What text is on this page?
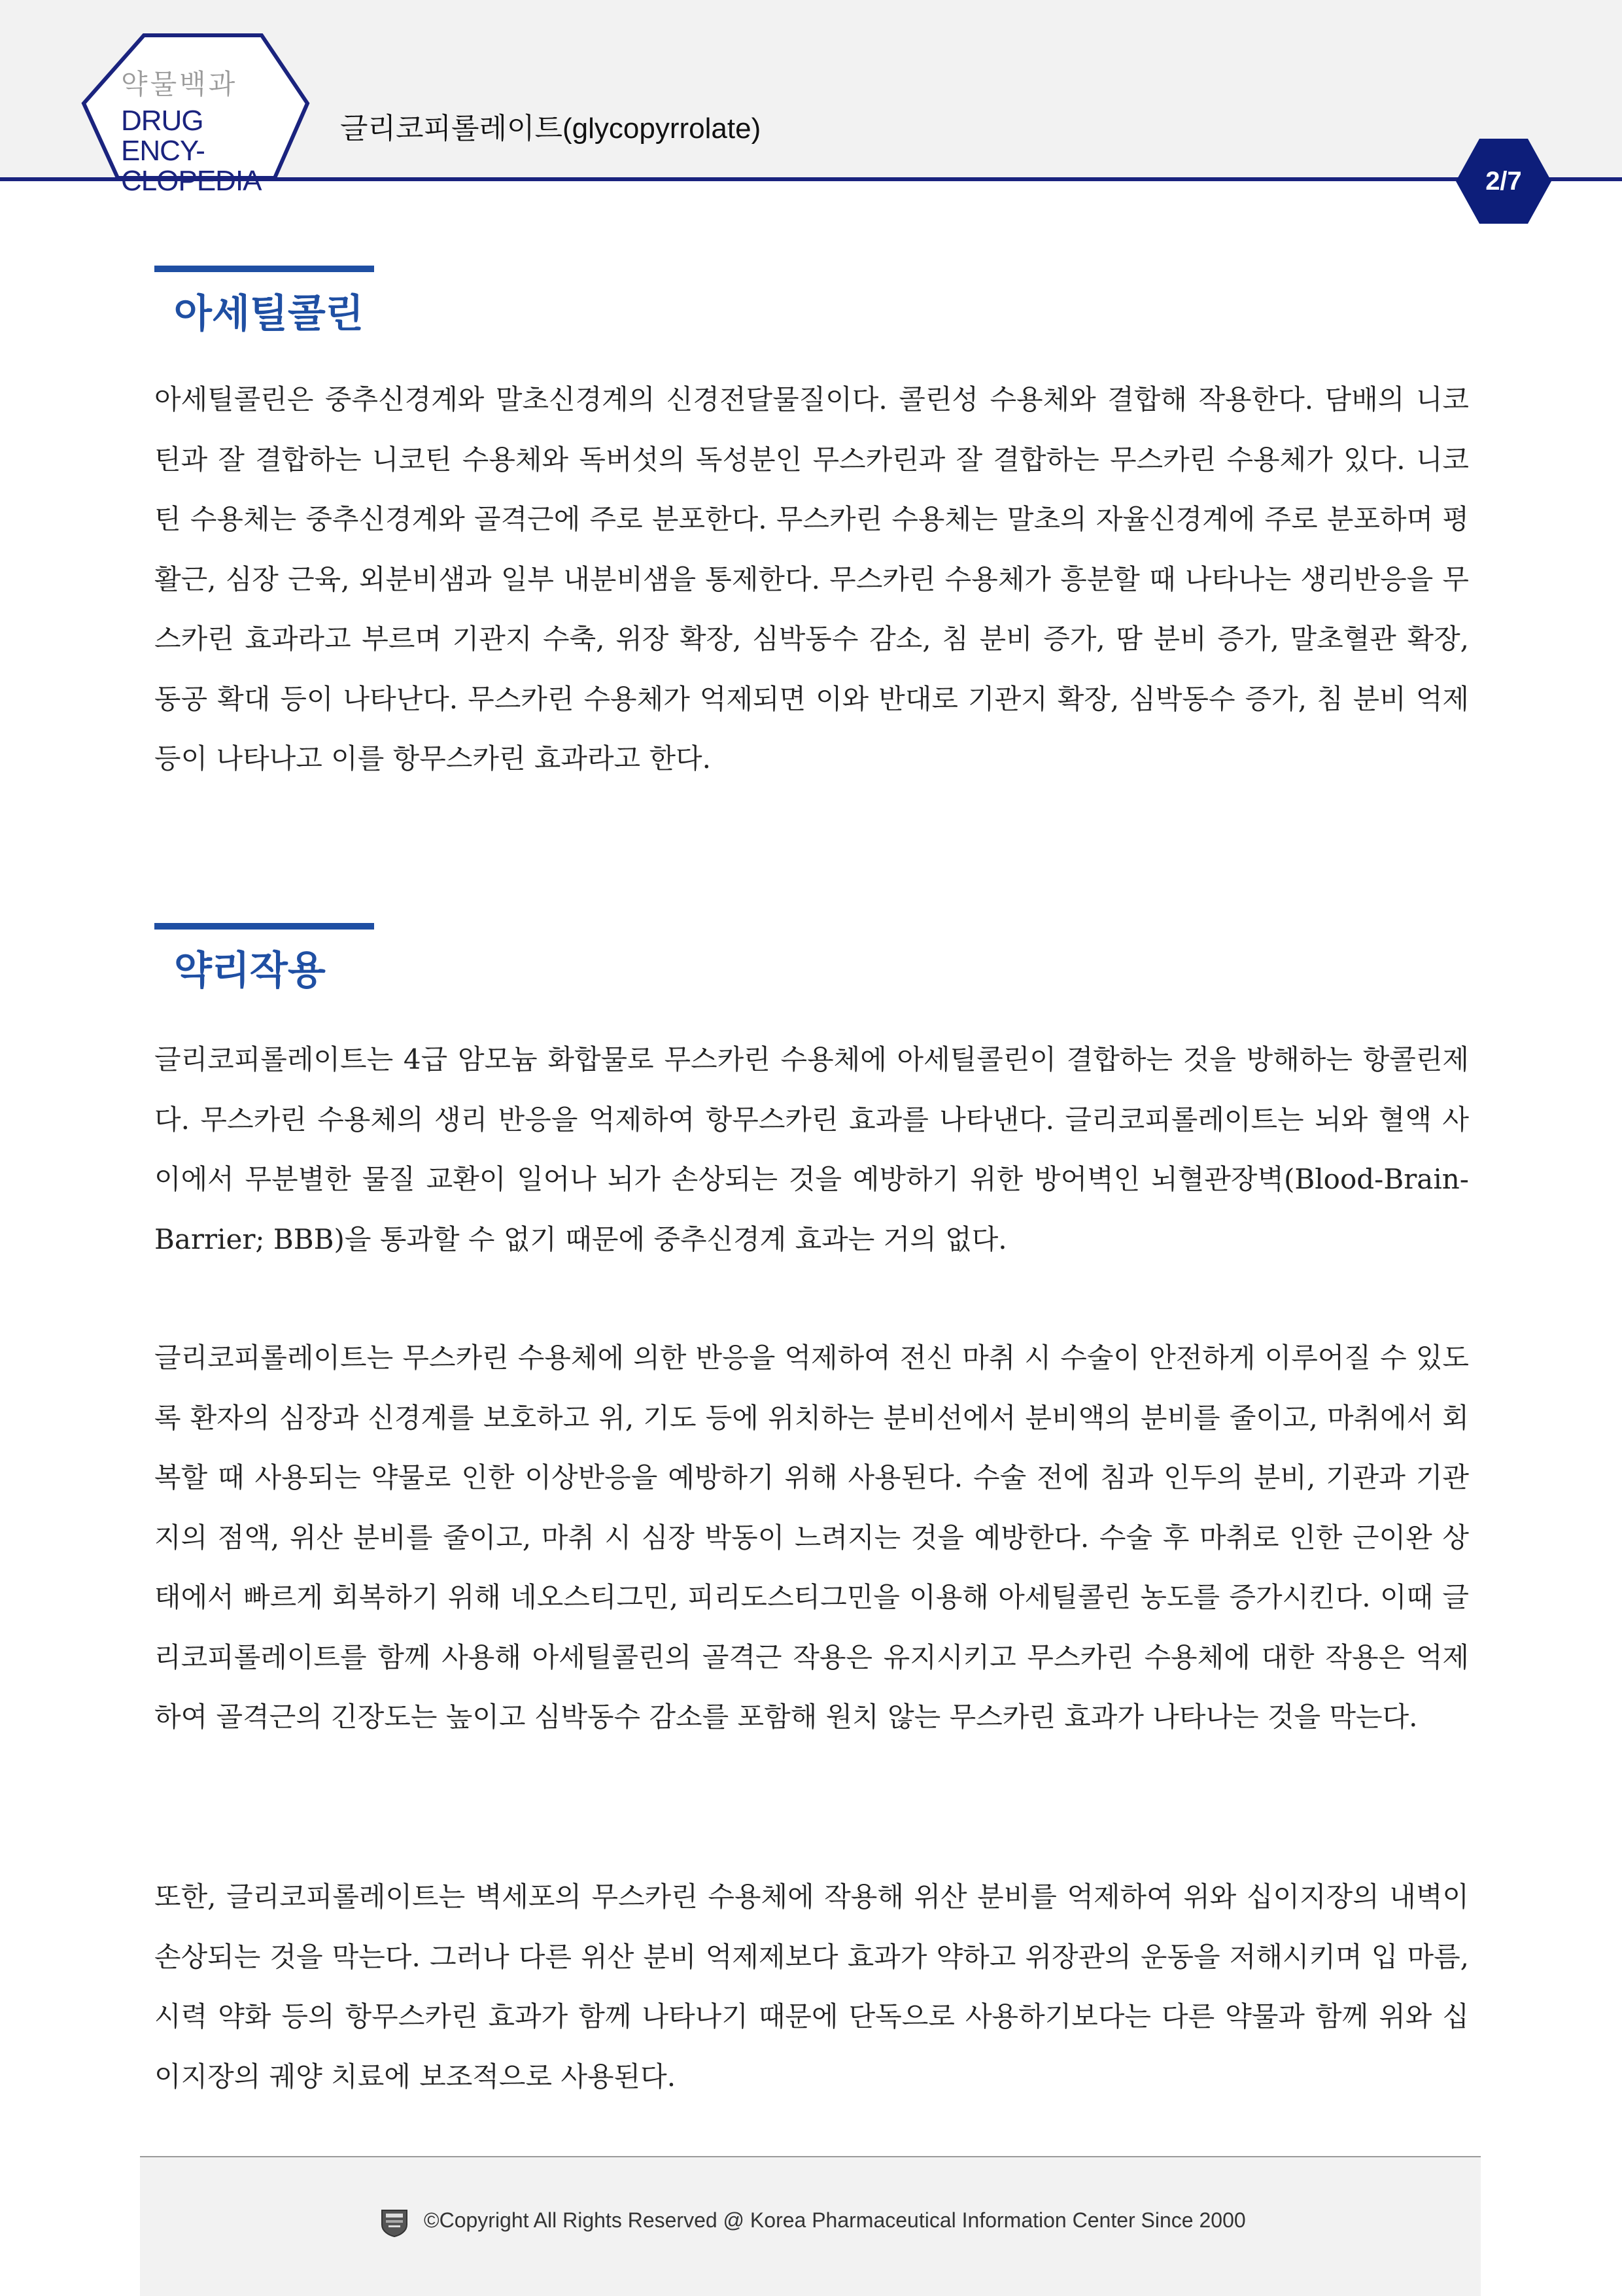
약물백과
DRUG ENCY-
CLOPEDIA
글리코피롤레이트(glycopyrrolate)
2/7
아세틸콜린

아세틸콜린은 중추신경계와 말초신경계의 신경전달물질이다. 콜린성 수용체와 결합해 작용한다. 담배의 니코틴과 잘 결합하는 니코틴 수용체와 독버섯의 독성분인 무스카린과 잘 결합하는 무스카린 수용체가 있다. 니코틴 수용체는 중추신경계와 골격근에 주로 분포한다. 무스카린 수용체는 말초의 자율신경계에 주로 분포하며 평활근, 심장 근육, 외분비샘과 일부 내분비샘을 통제한다. 무스카린 수용체가 흥분할 때 나타나는 생리반응을 무스카린 효과라고 부르며 기관지 수축, 위장 확장, 심박동수 감소, 침 분비 증가, 땀 분비 증가, 말초혈관 확장, 동공 확대 등이 나타난다. 무스카린 수용체가 억제되면 이와 반대로 기관지 확장, 심박동수 증가, 침 분비 억제 등이 나타나고 이를 항무스카린 효과라고 한다.

약리작용

글리코피롤레이트는 4급 암모늄 화합물로 무스카린 수용체에 아세틸콜린이 결합하는 것을 방해하는 항콜린제다. 무스카린 수용체의 생리 반응을 억제하여 항무스카린 효과를 나타낸다. 글리코피롤레이트는 뇌와 혈액 사이에서 무분별한 물질 교환이 일어나 뇌가 손상되는 것을 예방하기 위한 방어벽인 뇌혈관장벽(Blood-Brain-Barrier; BBB)을 통과할 수 없기 때문에 중추신경계 효과는 거의 없다.

글리코피롤레이트는 무스카린 수용체에 의한 반응을 억제하여 전신 마취 시 수술이 안전하게 이루어질 수 있도록 환자의 심장과 신경계를 보호하고 위, 기도 등에 위치하는 분비선에서 분비액의 분비를 줄이고, 마취에서 회복할 때 사용되는 약물로 인한 이상반응을 예방하기 위해 사용된다. 수술 전에 침과 인두의 분비, 기관과 기관지의 점액, 위산 분비를 줄이고, 마취 시 심장 박동이 느려지는 것을 예방한다. 수술 후 마취로 인한 근이완 상태에서 빠르게 회복하기 위해 네오스티그민, 피리도스티그민을 이용해 아세틸콜린 농도를 증가시킨다. 이때 글리코피롤레이트를 함께 사용해 아세틸콜린의 골격근 작용은 유지시키고 무스카린 수용체에 대한 작용은 억제하여 골격근의 긴장도는 높이고 심박동수 감소를 포함해 원치 않는 무스카린 효과가 나타나는 것을 막는다.

또한, 글리코피롤레이트는 벽세포의 무스카린 수용체에 작용해 위산 분비를 억제하여 위와 십이지장의 내벽이 손상되는 것을 막는다. 그러나 다른 위산 분비 억제제보다 효과가 약하고 위장관의 운동을 저해시키며 입 마름, 시력 약화 등의 항무스카린 효과가 함께 나타나기 때문에 단독으로 사용하기보다는 다른 약물과 함께 위와 십이지장의 궤양 치료에 보조적으로 사용된다.

©Copyright All Rights Reserved @ Korea Pharmaceutical Information Center Since 2000
